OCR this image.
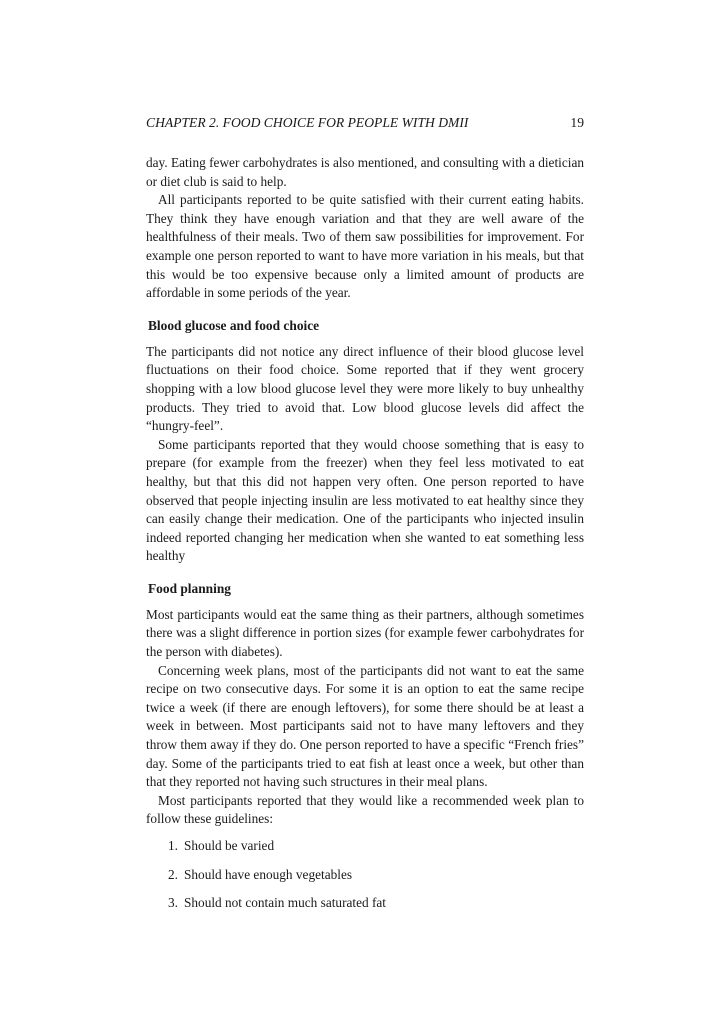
CHAPTER 2. FOOD CHOICE FOR PEOPLE WITH DMII	19

day. Eating fewer carbohydrates is also mentioned, and consulting with a dietician or diet club is said to help.

All participants reported to be quite satisfied with their current eating habits. They think they have enough variation and that they are well aware of the healthfulness of their meals. Two of them saw possibilities for improvement. For example one person reported to want to have more variation in his meals, but that this would be too expensive because only a limited amount of products are affordable in some periods of the year.

Blood glucose and food choice

The participants did not notice any direct influence of their blood glucose level fluctuations on their food choice. Some reported that if they went grocery shopping with a low blood glucose level they were more likely to buy unhealthy products. They tried to avoid that. Low blood glucose levels did affect the “hungry-feel”.

Some participants reported that they would choose something that is easy to prepare (for example from the freezer) when they feel less motivated to eat healthy, but that this did not happen very often. One person reported to have observed that people injecting insulin are less motivated to eat healthy since they can easily change their medication. One of the participants who injected insulin indeed reported changing her medication when she wanted to eat something less healthy

Food planning

Most participants would eat the same thing as their partners, although sometimes there was a slight difference in portion sizes (for example fewer carbohydrates for the person with diabetes).

Concerning week plans, most of the participants did not want to eat the same recipe on two consecutive days. For some it is an option to eat the same recipe twice a week (if there are enough leftovers), for some there should be at least a week in between. Most participants said not to have many leftovers and they throw them away if they do. One person reported to have a specific “French fries” day. Some of the participants tried to eat fish at least once a week, but other than that they reported not having such structures in their meal plans.

Most participants reported that they would like a recommended week plan to follow these guidelines:

1. Should be varied
2. Should have enough vegetables
3. Should not contain much saturated fat
